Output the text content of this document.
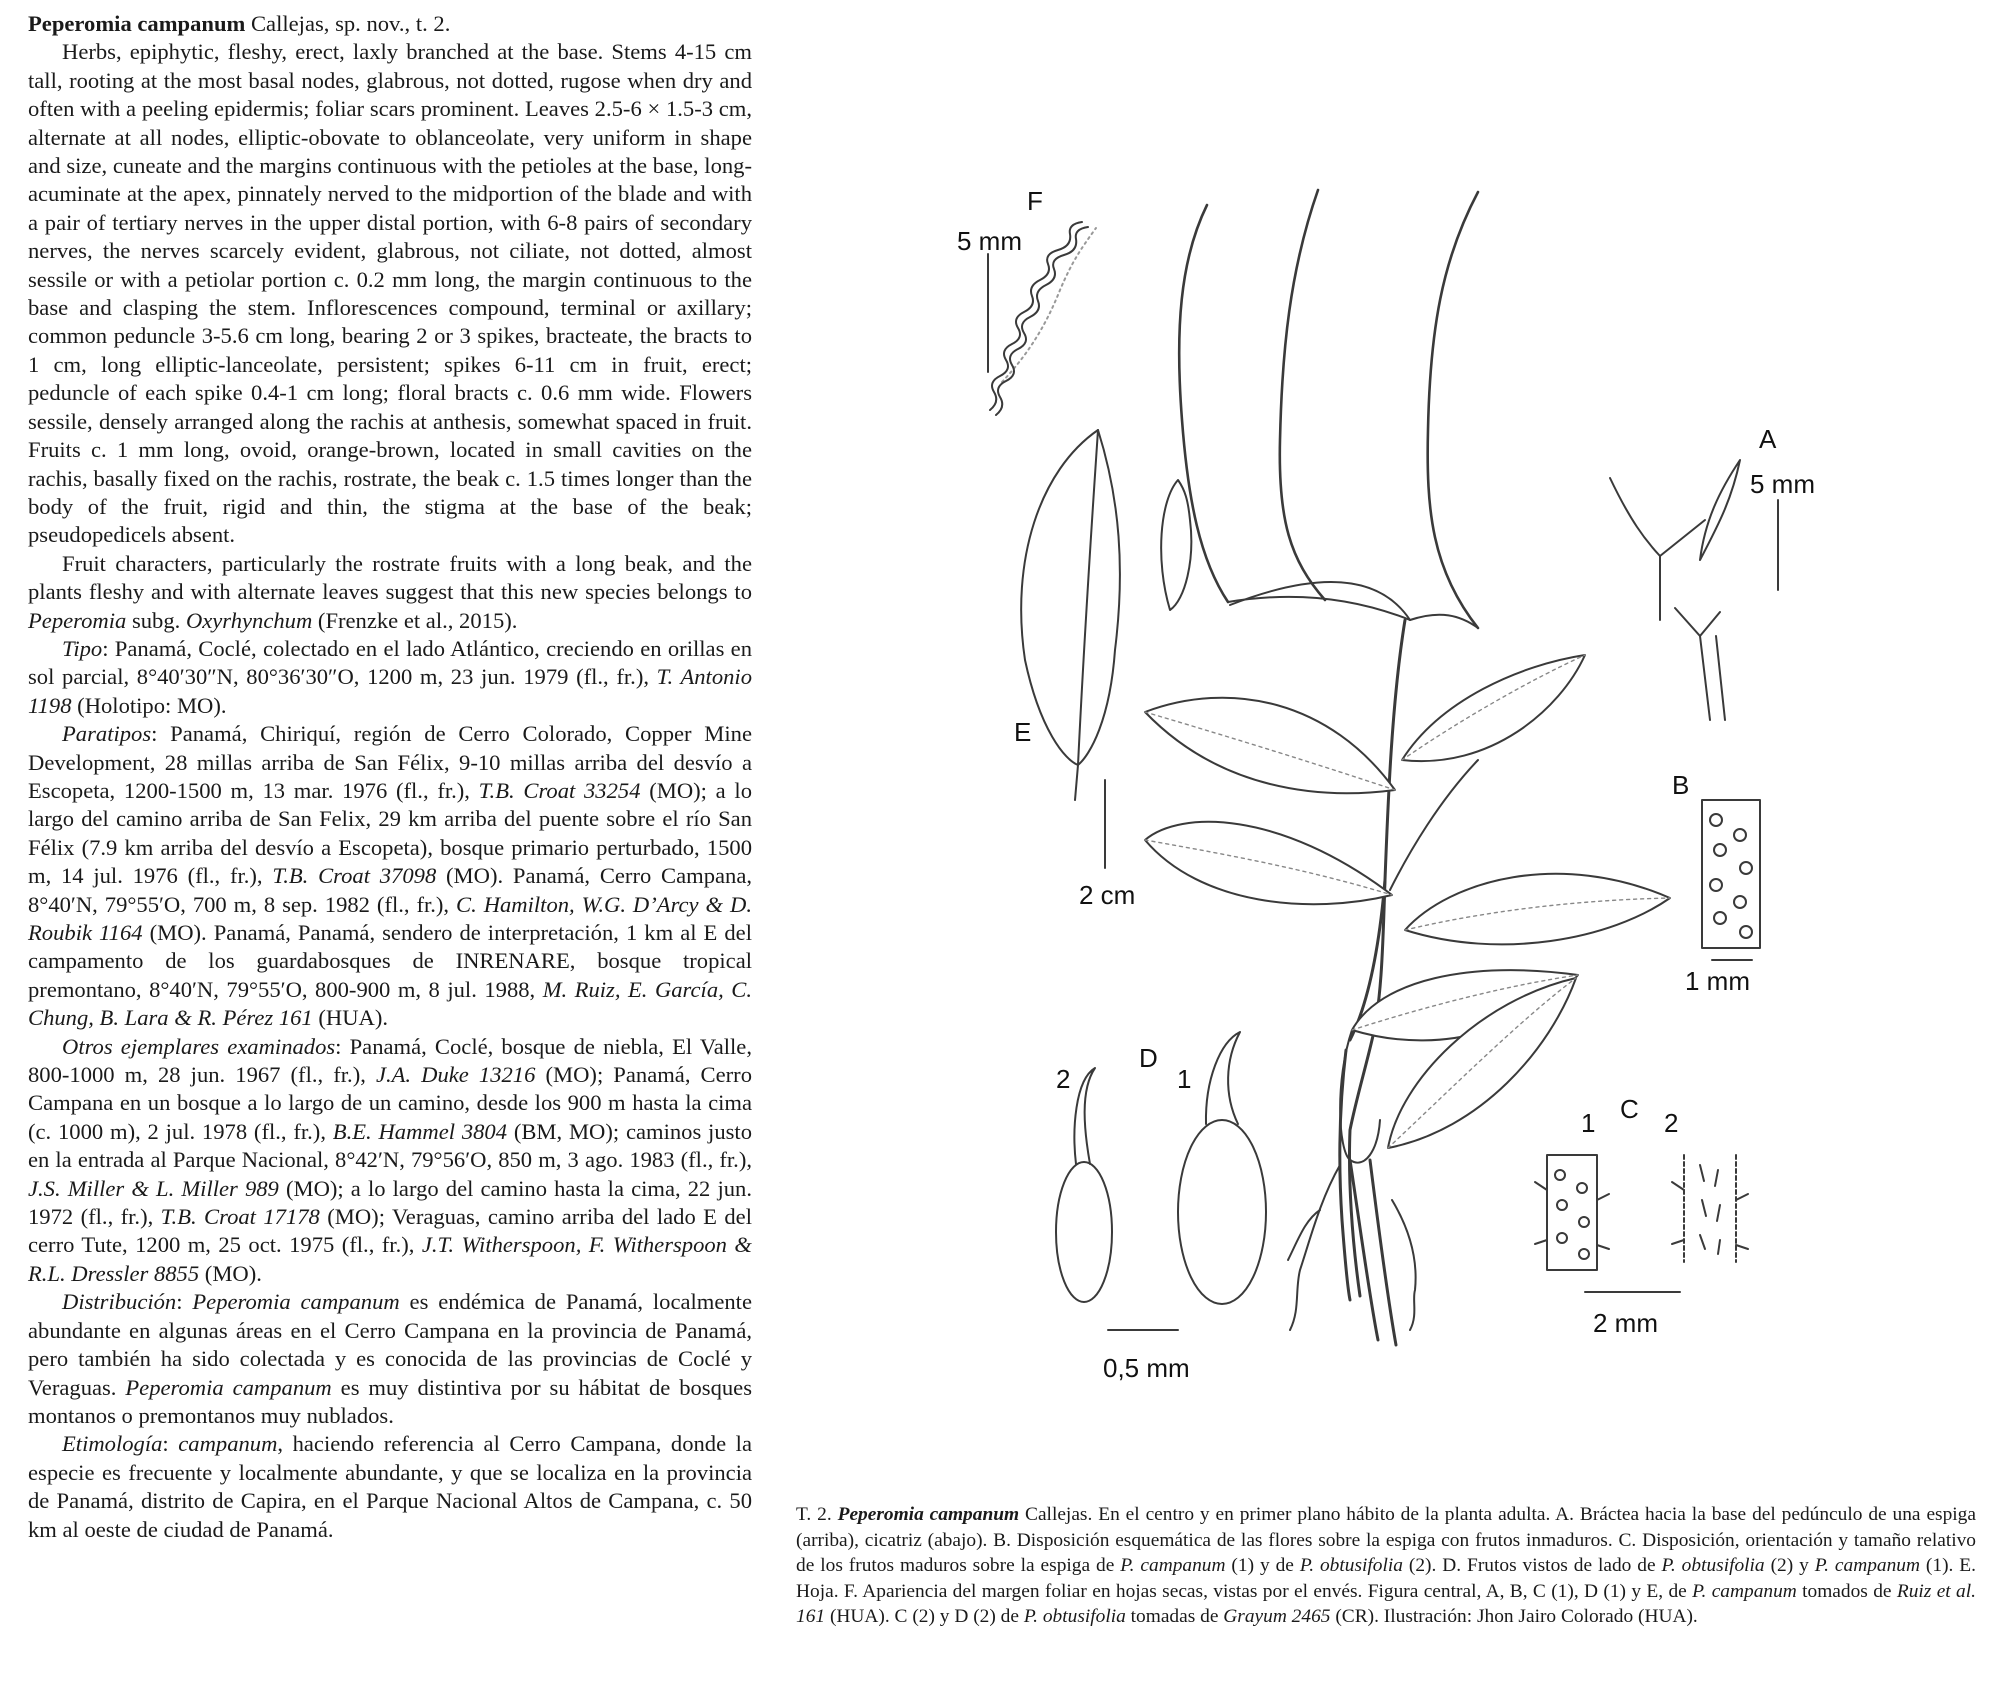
Peperomia campanum Callejas, sp. nov., t. 2.

Herbs, epiphytic, fleshy, erect, laxly branched at the base. Stems 4-15 cm tall, rooting at the most basal nodes, glabrous, not dotted, rugose when dry and often with a peeling epidermis; foliar scars prominent. Leaves 2.5-6 × 1.5-3 cm, alternate at all nodes, elliptic-obovate to oblanceolate, very uniform in shape and size, cuneate and the margins continuous with the petioles at the base, long-acuminate at the apex, pinnately nerved to the midportion of the blade and with a pair of tertiary nerves in the upper distal portion, with 6-8 pairs of secondary nerves, the nerves scarcely evident, glabrous, not ciliate, not dotted, almost sessile or with a petiolar portion c. 0.2 mm long, the margin continuous to the base and clasping the stem. Inflorescences compound, terminal or axillary; common peduncle 3-5.6 cm long, bearing 2 or 3 spikes, bracteate, the bracts to 1 cm, long elliptic-lanceolate, persistent; spikes 6-11 cm in fruit, erect; peduncle of each spike 0.4-1 cm long; floral bracts c. 0.6 mm wide. Flowers sessile, densely arranged along the rachis at anthesis, somewhat spaced in fruit. Fruits c. 1 mm long, ovoid, orange-brown, located in small cavities on the rachis, basally fixed on the rachis, rostrate, the beak c. 1.5 times longer than the body of the fruit, rigid and thin, the stigma at the base of the beak; pseudopedicels absent.

Fruit characters, particularly the rostrate fruits with a long beak, and the plants fleshy and with alternate leaves suggest that this new species belongs to Peperomia subg. Oxyrhynchum (Frenzke et al., 2015).

Tipo: Panamá, Coclé, colectado en el lado Atlántico, creciendo en orillas en sol parcial, 8°40′30″N, 80°36′30″O, 1200 m, 23 jun. 1979 (fl., fr.), T. Antonio 1198 (Holotipo: MO).

Paratipos: Panamá, Chiriquí, región de Cerro Colorado, Copper Mine Development, 28 millas arriba de San Félix, 9-10 millas arriba del desvío a Escopeta, 1200-1500 m, 13 mar. 1976 (fl., fr.), T.B. Croat 33254 (MO); a lo largo del camino arriba de San Felix, 29 km arriba del puente sobre el río San Félix (7.9 km arriba del desvío a Escopeta), bosque primario perturbado, 1500 m, 14 jul. 1976 (fl., fr.), T.B. Croat 37098 (MO). Panamá, Cerro Campana, 8°40′N, 79°55′O, 700 m, 8 sep. 1982 (fl., fr.), C. Hamilton, W.G. D’Arcy & D. Roubik 1164 (MO). Panamá, Panamá, sendero de interpretación, 1 km al E del campamento de los guardabosques de INRENARE, bosque tropical premontano, 8°40′N, 79°55′O, 800-900 m, 8 jul. 1988, M. Ruiz, E. García, C. Chung, B. Lara & R. Pérez 161 (HUA).

Otros ejemplares examinados: Panamá, Coclé, bosque de niebla, El Valle, 800-1000 m, 28 jun. 1967 (fl., fr.), J.A. Duke 13216 (MO); Panamá, Cerro Campana en un bosque a lo largo de un camino, desde los 900 m hasta la cima (c. 1000 m), 2 jul. 1978 (fl., fr.), B.E. Hammel 3804 (BM, MO); caminos justo en la entrada al Parque Nacional, 8°42′N, 79°56′O, 850 m, 3 ago. 1983 (fl., fr.), J.S. Miller & L. Miller 989 (MO); a lo largo del camino hasta la cima, 22 jun. 1972 (fl., fr.), T.B. Croat 17178 (MO); Veraguas, camino arriba del lado E del cerro Tute, 1200 m, 25 oct. 1975 (fl., fr.), J.T. Witherspoon, F. Witherspoon & R.L. Dressler 8855 (MO).

Distribución: Peperomia campanum es endémica de Panamá, localmente abundante en algunas áreas en el Cerro Campana en la provincia de Panamá, pero también ha sido colectada y es conocida de las provincias de Coclé y Veraguas. Peperomia campanum es muy distintiva por su hábitat de bosques montanos o premontanos muy nublados.

Etimología: campanum, haciendo referencia al Cerro Campana, donde la especie es frecuente y localmente abundante, y que se localiza en la provincia de Panamá, distrito de Capira, en el Parque Nacional Altos de Campana, c. 50 km al oeste de ciudad de Panamá.

F
5 mm
A
5 mm
E
2 cm
B
1 mm
D
2	1
0,5 mm
C
1	2
2 mm
T. 2. Peperomia campanum Callejas. En el centro y en primer plano hábito de la planta adulta. A. Bráctea hacia la base del pedúnculo de una espiga (arriba), cicatriz (abajo). B. Disposición esquemática de las flores sobre la espiga con frutos inmaduros. C. Disposición, orientación y tamaño relativo de los frutos maduros sobre la espiga de P. campanum (1) y de P. obtusifolia (2). D. Frutos vistos de lado de P. obtusifolia (2) y P. campanum (1). E. Hoja. F. Apariencia del margen foliar en hojas secas, vistas por el envés. Figura central, A, B, C (1), D (1) y E, de P. campanum tomados de Ruiz et al. 161 (HUA). C (2) y D (2) de P. obtusifolia tomadas de Grayum 2465 (CR). Ilustración: Jhon Jairo Colorado (HUA).
